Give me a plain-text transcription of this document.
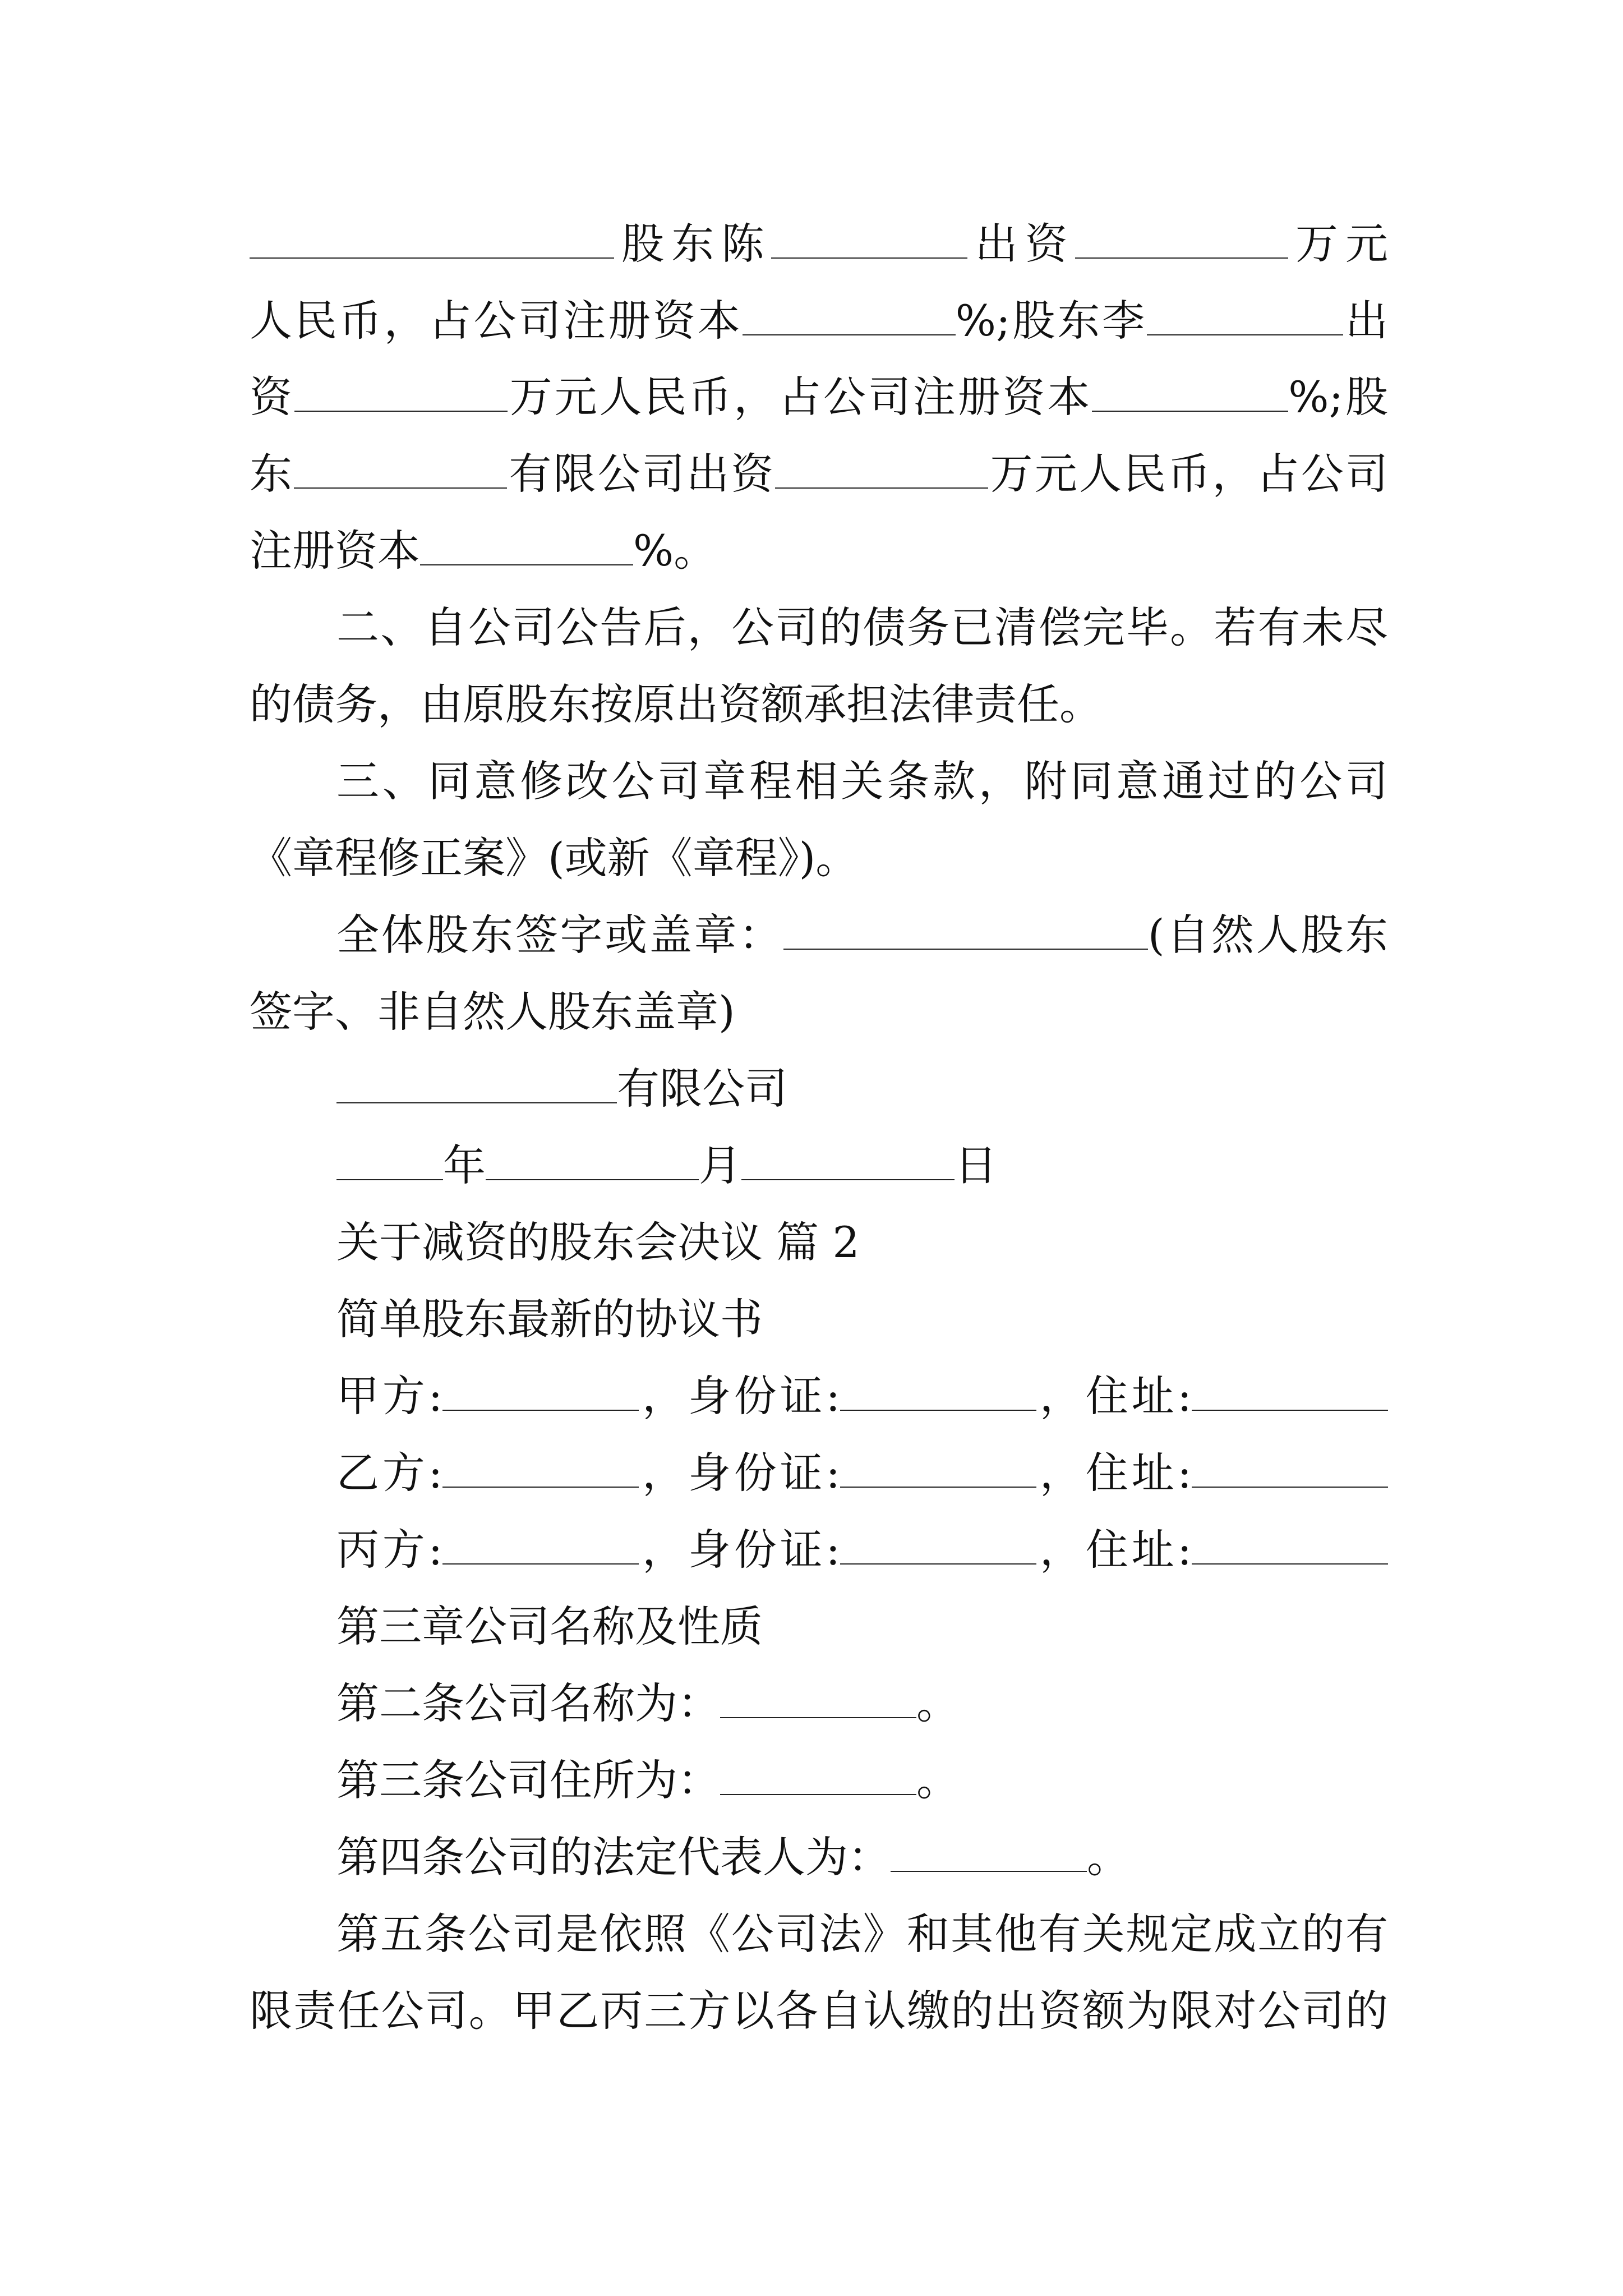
股东陈	出资	万元
人民币，占公司注册资本	%;股东李	出
资	万元人民币，占公司注册资本	%;股
东	有限公司出资	万元人民币，占公司
注册资本	%。
二、自公司公告后，公司的债务已清偿完毕。若有未尽
的债务，由原股东按原出资额承担法律责任。
三、同意修改公司章程相关条款，附同意通过的公司
《章程修正案》(或新《章程》)。
全体股东签字或盖章：	(自然人股东
签字、非自然人股东盖章)
有限公司
年	月	日
关于减资的股东会决议 篇 2
简单股东最新的协议书
甲方:	，身份证:	，住址:
乙方:	，身份证:	，住址:
丙方:	，身份证:	，住址:
第三章公司名称及性质
第二条公司名称为：	。
第三条公司住所为：	。
第四条公司的法定代表人为：	。
第五条公司是依照《公司法》和其他有关规定成立的有
限责任公司。甲乙丙三方以各自认缴的出资额为限对公司的
